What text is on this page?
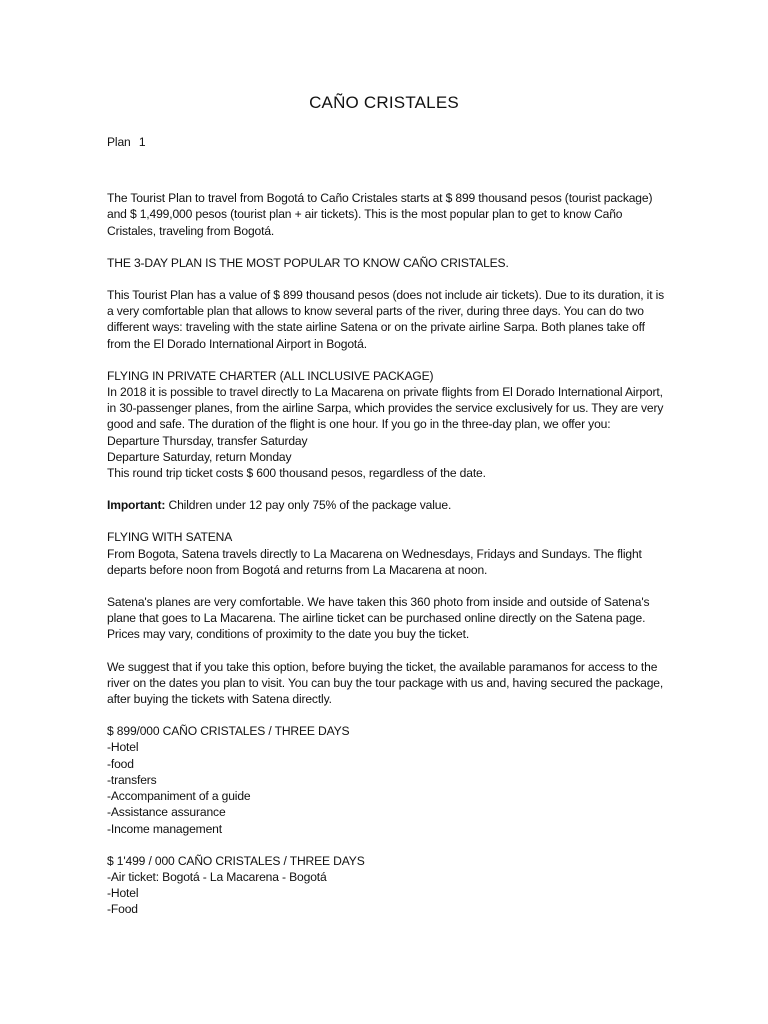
CAÑO CRISTALES

Plan 1

The Tourist Plan to travel from Bogotá to Caño Cristales starts at $ 899 thousand pesos (tourist package) and $ 1,499,000 pesos (tourist plan + air tickets). This is the most popular plan to get to know Caño Cristales, traveling from Bogotá.

THE 3-DAY PLAN IS THE MOST POPULAR TO KNOW CAÑO CRISTALES.

This Tourist Plan has a value of $ 899 thousand pesos (does not include air tickets). Due to its duration, it is a very comfortable plan that allows to know several parts of the river, during three days. You can do two different ways: traveling with the state airline Satena or on the private airline Sarpa. Both planes take off from the El Dorado International Airport in Bogotá.

FLYING IN PRIVATE CHARTER (ALL INCLUSIVE PACKAGE)

In 2018 it is possible to travel directly to La Macarena on private flights from El Dorado International Airport, in 30-passenger planes, from the airline Sarpa, which provides the service exclusively for us. They are very good and safe. The duration of the flight is one hour. If you go in the three-day plan, we offer you:

Departure Thursday, transfer Saturday

Departure Saturday, return Monday

This round trip ticket costs $ 600 thousand pesos, regardless of the date.

Important: Children under 12 pay only 75% of the package value.

FLYING WITH SATENA

From Bogota, Satena travels directly to La Macarena on Wednesdays, Fridays and Sundays. The flight departs before noon from Bogotá and returns from La Macarena at noon.

Satena's planes are very comfortable. We have taken this 360 photo from inside and outside of Satena's plane that goes to La Macarena. The airline ticket can be purchased online directly on the Satena page. Prices may vary, conditions of proximity to the date you buy the ticket.

We suggest that if you take this option, before buying the ticket, the available paramanos for access to the river on the dates you plan to visit. You can buy the tour package with us and, having secured the package, after buying the tickets with Satena directly.

$ 899/000 CAÑO CRISTALES / THREE DAYS

-Hotel
-food
-transfers
-Accompaniment of a guide
-Assistance assurance
-Income management

$ 1'499 / 000 CAÑO CRISTALES / THREE DAYS

-Air ticket: Bogotá - La Macarena - Bogotá
-Hotel
-Food
